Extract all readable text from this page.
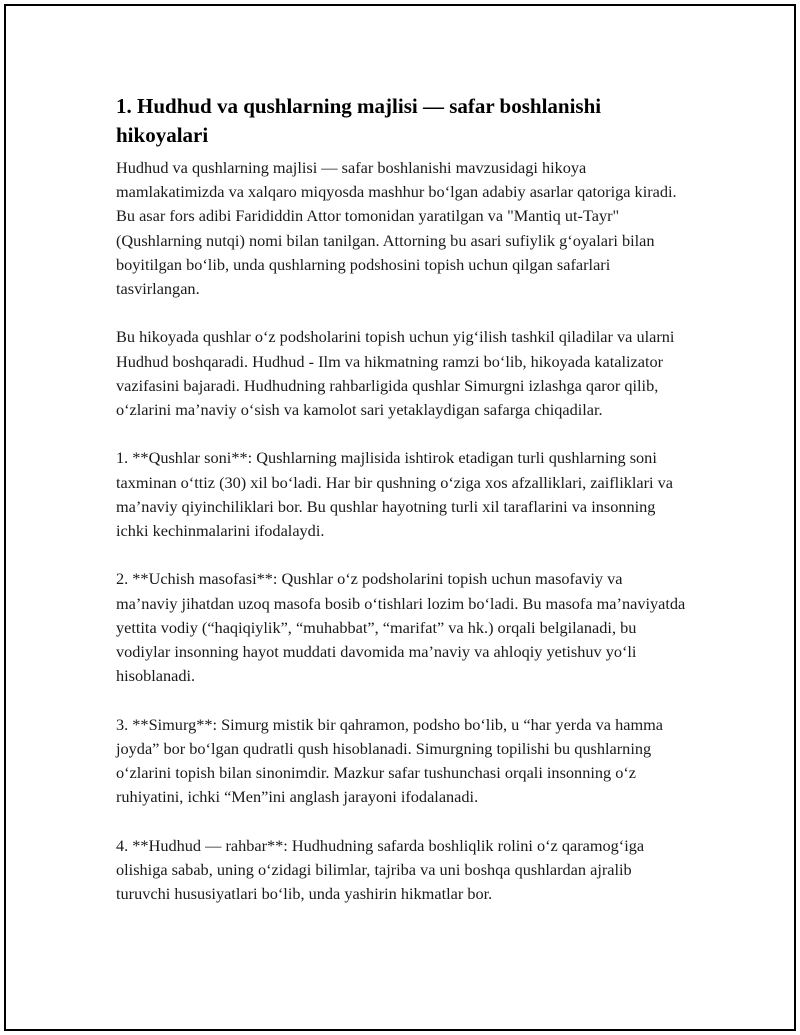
1. Hudhud va qushlarning majlisi — safar boshlanishi hikoyalari

Hudhud va qushlarning majlisi — safar boshlanishi mavzusidagi hikoya mamlakatimizda va xalqaro miqyosda mashhur bo‘lgan adabiy asarlar qatoriga kiradi. Bu asar fors adibi Farididdin Attor tomonidan yaratilgan va "Mantiq ut-Tayr" (Qushlarning nutqi) nomi bilan tanilgan. Attorning bu asari sufiylik g‘oyalari bilan boyitilgan bo‘lib, unda qushlarning podshosini topish uchun qilgan safarlari tasvirlangan.

Bu hikoyada qushlar o‘z podsholarini topish uchun yig‘ilish tashkil qiladilar va ularni Hudhud boshqaradi. Hudhud - Ilm va hikmatning ramzi bo‘lib, hikoyada katalizator vazifasini bajaradi. Hudhudning rahbarligida qushlar Simurgni izlashga qaror qilib, o‘zlarini ma’naviy o‘sish va kamolot sari yetaklaydigan safarga chiqadilar.

1. **Qushlar soni**: Qushlarning majlisida ishtirok etadigan turli qushlarning soni taxminan o‘ttiz (30) xil bo‘ladi. Har bir qushning o‘ziga xos afzalliklari, zaifliklari va ma’naviy qiyinchiliklari bor. Bu qushlar hayotning turli xil taraflarini va insonning ichki kechinmalarini ifodalaydi.

2. **Uchish masofasi**: Qushlar o‘z podsholarini topish uchun masofaviy va ma’naviy jihatdan uzoq masofa bosib o‘tishlari lozim bo‘ladi. Bu masofa ma’naviyatda yettita vodiy (“haqiqiylik”, “muhabbat”, “marifat” va hk.) orqali belgilanadi, bu vodiylar insonning hayot muddati davomida ma’naviy va ahloqiy yetishuv yo‘li hisoblanadi.

3. **Simurg**: Simurg mistik bir qahramon, podsho bo‘lib, u “har yerda va hamma joyda” bor bo‘lgan qudratli qush hisoblanadi. Simurgning topilishi bu qushlarning o‘zlarini topish bilan sinonimdir. Mazkur safar tushunchasi orqali insonning o‘z ruhiyatini, ichki “Men”ini anglash jarayoni ifodalanadi.

4. **Hudhud — rahbar**: Hudhudning safarda boshliqlik rolini o‘z qaramog‘iga olishiga sabab, uning o‘zidagi bilimlar, tajriba va uni boshqa qushlardan ajralib turuvchi hususiyatlari bo‘lib, unda yashirin hikmatlar bor.
